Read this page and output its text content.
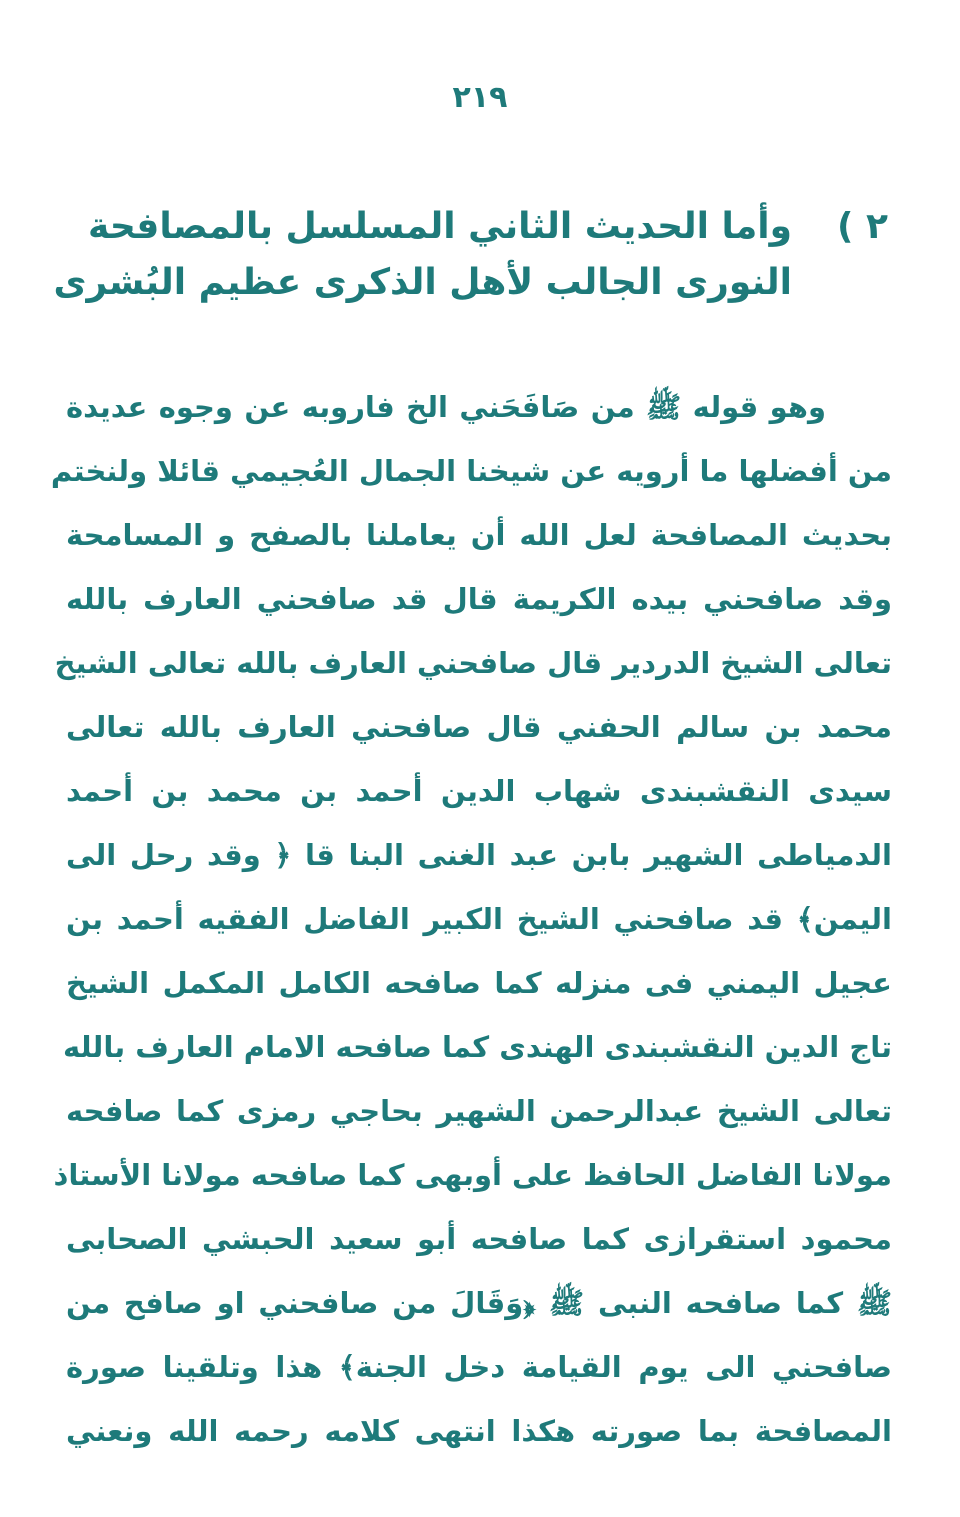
٢١٩
٢ )
وأما الحديث الثاني المسلسل بالمصافحة
النورى الجالب لأهل الذكرى عظيم البُشرى
وهو قوله ﷺ من صَافَحَني الخ فاروبه عن وجوه عديدة
من أفضلها ما أرويه عن شيخنا الجمال العُجيمي قائلا ولنختم
بحديث المصافحة لعل الله أن يعاملنا بالصفح و المسامحة
وقد صافحني بيده الكريمة قال قد صافحني العارف بالله
تعالى الشيخ الدردير قال صافحني العارف بالله تعالى الشيخ
محمد بن سالم الحفني قال صافحني العارف بالله تعالى
سيدى النقشبندى شهاب الدين أحمد بن محمد بن أحمد
الدمياطى الشهير بابن عبد الغنى البنا قا ﴿ وقد رحل الى
اليمن﴾ قد صافحني الشيخ الكبير الفاضل الفقيه أحمد بن
عجيل اليمني فى منزله كما صافحه الكامل المكمل الشيخ
تاج الدين النقشبندى الهندى كما صافحه الامام العارف بالله
تعالى الشيخ عبدالرحمن الشهير بحاجي رمزى كما صافحه
مولانا الفاضل الحافظ على أوبهى كما صافحه مولانا الأستاذ
محمود استقرازى كما صافحه أبو سعيد الحبشي الصحابى
ﷺ كما صافحه النبى ﷺ ﴿وَقَالَ من صافحني او صافح من
صافحني الى يوم القيامة دخل الجنة﴾ هذا وتلقينا صورة
المصافحة بما صورته هكذا انتهى كلامه رحمه الله ونعني
